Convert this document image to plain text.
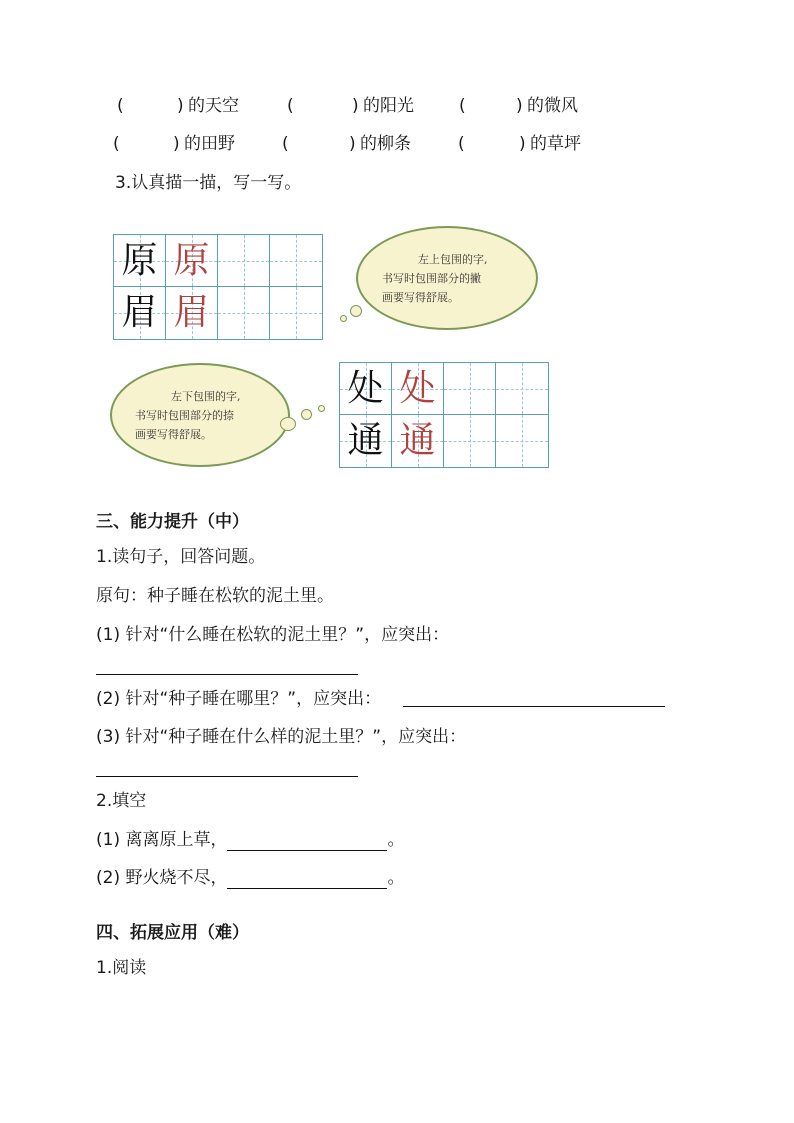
(	) 的天空	(	) 的阳光	(	) 的微风
(	) 的田野	(	) 的柳条	(	) 的草坪
3.认真描一描，写一写。
原 原
眉 眉
左上包围的字,
书写时包围部分的撇
画要写得舒展。
左下包围的字,
书写时包围部分的捺
画要写得舒展。
处 处
通 通
三、能力提升（中）
1.读句子，回答问题。
原句：种子睡在松软的泥土里。
(1) 针对“什么睡在松软的泥土里？”，应突出：
(2) 针对“种子睡在哪里？”，应突出：
(3) 针对“种子睡在什么样的泥土里？”，应突出：
2.填空
(1) 离离原上草，	。
(2) 野火烧不尽，	。
四、拓展应用（难）
1.阅读
